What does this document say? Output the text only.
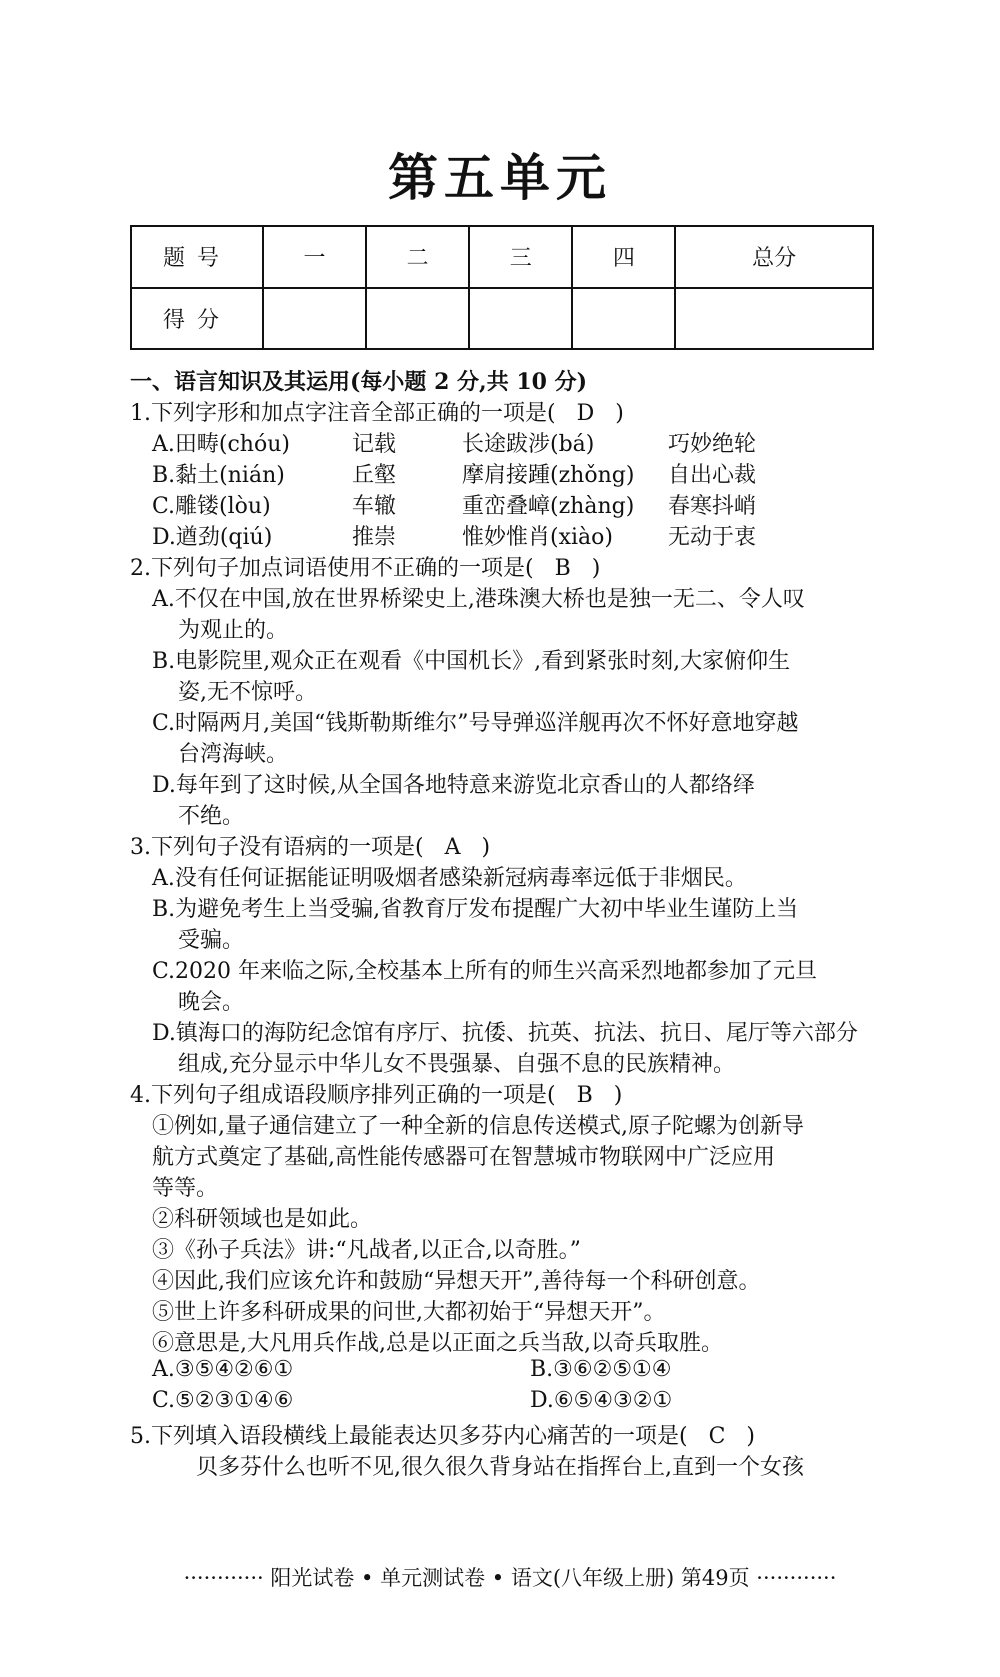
第五单元
题号	一	二	三	四	总分
得分					
一、语言知识及其运用(每小题 2 分,共 10 分)
1.下列字形和加点字注音全部正确的一项是( D )
A.田畴(chóu)	记载	长途跋涉(bá)	巧妙绝轮
B.黏土(nián)	丘壑	摩肩接踵(zhǒng) 自出心裁
C.雕镂(lòu)	车辙	重峦叠嶂(zhàng) 春寒抖峭
D.遒劲(qiú)	推崇	惟妙惟肖(xiào)	无动于衷
2.下列句子加点词语使用不正确的一项是( B )
A.不仅在中国,放在世界桥梁史上,港珠澳大桥也是独一无二、令人叹
为观止的。
B.电影院里,观众正在观看《中国机长》,看到紧张时刻,大家俯仰生
姿,无不惊呼。
C.时隔两月,美国“钱斯勒斯维尔”号导弹巡洋舰再次不怀好意地穿越
台湾海峡。
D.每年到了这时候,从全国各地特意来游览北京香山的人都络绎
不绝。
3.下列句子没有语病的一项是( A )
A.没有任何证据能证明吸烟者感染新冠病毒率远低于非烟民。
B.为避免考生上当受骗,省教育厅发布提醒广大初中毕业生谨防上当
受骗。
C.2020 年来临之际,全校基本上所有的师生兴高采烈地都参加了元旦
晚会。
D.镇海口的海防纪念馆有序厅、抗倭、抗英、抗法、抗日、尾厅等六部分
组成,充分显示中华儿女不畏强暴、自强不息的民族精神。
4.下列句子组成语段顺序排列正确的一项是( B )
①例如,量子通信建立了一种全新的信息传送模式,原子陀螺为创新导
航方式奠定了基础,高性能传感器可在智慧城市物联网中广泛应用
等等。
②科研领域也是如此。
③《孙子兵法》讲:“凡战者,以正合,以奇胜。”
④因此,我们应该允许和鼓励“异想天开”,善待每一个科研创意。
⑤世上许多科研成果的问世,大都初始于“异想天开”。
⑥意思是,大凡用兵作战,总是以正面之兵当敌,以奇兵取胜。
A.③⑤④②⑥①	B.③⑥②⑤①④
C.⑤②③①④⑥	D.⑥⑤④③②①
5.下列填入语段横线上最能表达贝多芬内心痛苦的一项是( C )
贝多芬什么也听不见,很久很久背身站在指挥台上,直到一个女孩
············ 阳光试卷 • 单元测试卷 • 语文(八年级上册) 第49页 ············
